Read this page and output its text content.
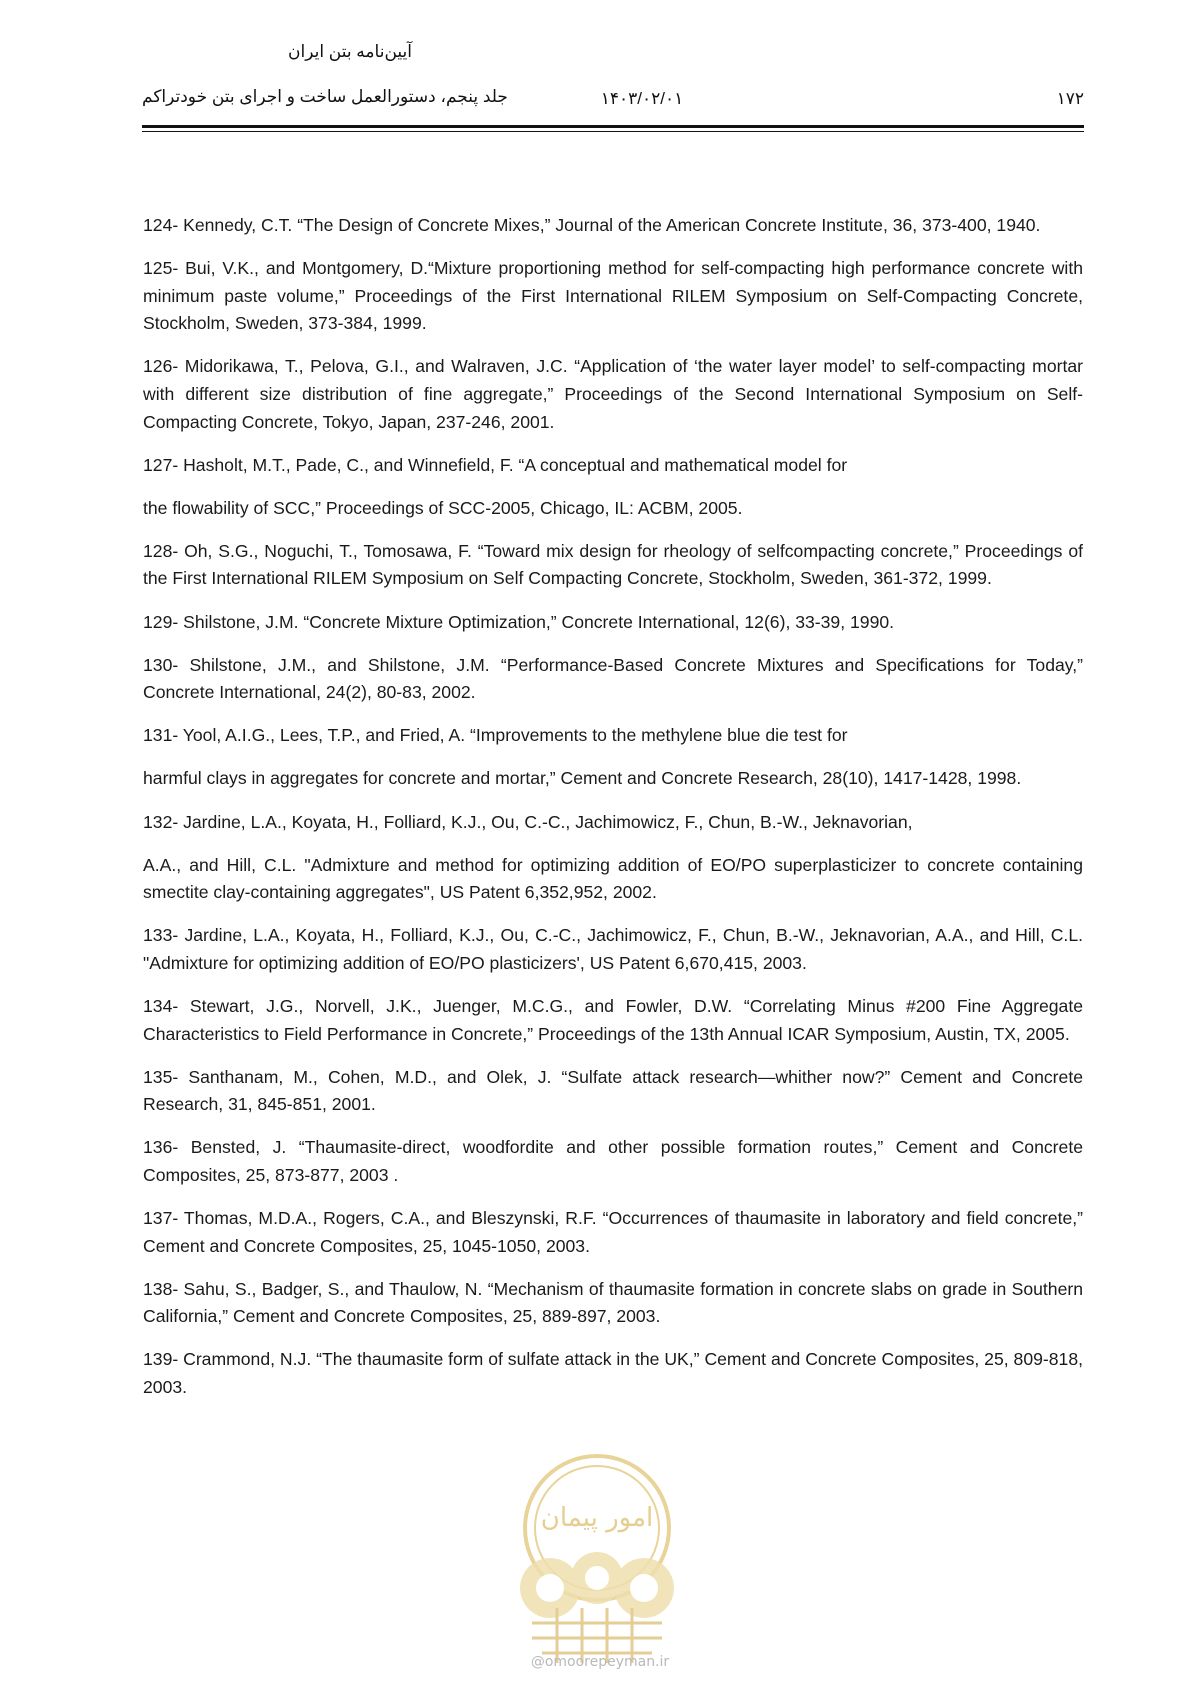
آیین‌نامه بتن ایران
جلد پنجم، دستورالعمل ساخت و اجرای بتن خودتراکم	۱۴۰۳/۰۲/۰۱	۱۷۲

124- Kennedy, C.T. “The Design of Concrete Mixes,” Journal of the American Concrete Institute, 36, 373-400, 1940.

125- Bui, V.K., and Montgomery, D.“Mixture proportioning method for self-compacting high performance concrete with minimum paste volume,” Proceedings of the First International RILEM Symposium on Self-Compacting Concrete, Stockholm, Sweden, 373-384, 1999.

126- Midorikawa, T., Pelova, G.I., and Walraven, J.C. “Application of ‘the water layer model’ to self-compacting mortar with different size distribution of fine aggregate,” Proceedings of the Second International Symposium on Self-Compacting Concrete, Tokyo, Japan, 237-246, 2001.

127- Hasholt, M.T., Pade, C., and Winnefield, F. “A conceptual and mathematical model for

the flowability of SCC,” Proceedings of SCC-2005, Chicago, IL: ACBM, 2005.

128- Oh, S.G., Noguchi, T., Tomosawa, F. “Toward mix design for rheology of selfcompacting concrete,” Proceedings of the First International RILEM Symposium on Self Compacting Concrete, Stockholm, Sweden, 361-372, 1999.

129- Shilstone, J.M. “Concrete Mixture Optimization,” Concrete International, 12(6), 33-39, 1990.

130- Shilstone, J.M., and Shilstone, J.M. “Performance-Based Concrete Mixtures and Specifications for Today,” Concrete International, 24(2), 80-83, 2002.

131- Yool, A.I.G., Lees, T.P., and Fried, A. “Improvements to the methylene blue die test for

harmful clays in aggregates for concrete and mortar,” Cement and Concrete Research, 28(10), 1417-1428, 1998.

132- Jardine, L.A., Koyata, H., Folliard, K.J., Ou, C.-C., Jachimowicz, F., Chun, B.-W., Jeknavorian,

A.A., and Hill, C.L. "Admixture and method for optimizing addition of EO/PO superplasticizer to concrete containing smectite clay-containing aggregates", US Patent 6,352,952, 2002.

133- Jardine, L.A., Koyata, H., Folliard, K.J., Ou, C.-C., Jachimowicz, F., Chun, B.-W., Jeknavorian, A.A., and Hill, C.L. "Admixture for optimizing addition of EO/PO plasticizers', US Patent 6,670,415, 2003.

134- Stewart, J.G., Norvell, J.K., Juenger, M.C.G., and Fowler, D.W. “Correlating Minus #200 Fine Aggregate Characteristics to Field Performance in Concrete,” Proceedings of the 13th Annual ICAR Symposium, Austin, TX, 2005.

135- Santhanam, M., Cohen, M.D., and Olek, J. “Sulfate attack research—whither now?” Cement and Concrete Research, 31, 845-851, 2001.

136- Bensted, J. “Thaumasite-direct, woodfordite and other possible formation routes,” Cement and Concrete Composites, 25, 873-877, 2003 .

137- Thomas, M.D.A., Rogers, C.A., and Bleszynski, R.F. “Occurrences of thaumasite in laboratory and field concrete,” Cement and Concrete Composites, 25, 1045-1050, 2003.

138- Sahu, S., Badger, S., and Thaulow, N. “Mechanism of thaumasite formation in concrete slabs on grade in Southern California,” Cement and Concrete Composites, 25, 889-897, 2003.

139- Crammond, N.J. “The thaumasite form of sulfate attack in the UK,” Cement and Concrete Composites, 25, 809-818, 2003.

امور پیمان
@omoorepeyman.ir
